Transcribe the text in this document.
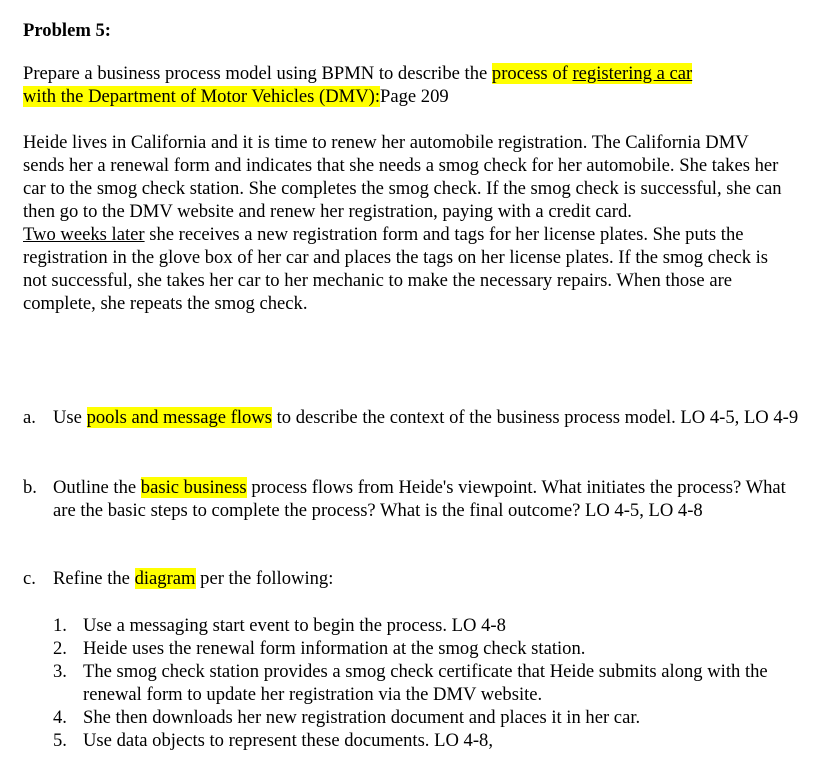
Problem 5:
Prepare a business process model using BPMN to describe the process of registering a car
with the Department of Motor Vehicles (DMV):Page 209
Heide lives in California and it is time to renew her automobile registration. The California DMV sends her a renewal form and indicates that she needs a smog check for her automobile. She takes her car to the smog check station. She completes the smog check. If the smog check is successful, she can then go to the DMV website and renew her registration, paying with a credit card.
Two weeks later she receives a new registration form and tags for her license plates. She puts the registration in the glove box of her car and places the tags on her license plates. If the smog check is not successful, she takes her car to her mechanic to make the necessary repairs. When those are complete, she repeats the smog check.
a. Use pools and message flows to describe the context of the business process model. LO 4-5, LO 4-9
b. Outline the basic business process flows from Heide's viewpoint. What initiates the process? What are the basic steps to complete the process? What is the final outcome? LO 4-5, LO 4-8
c. Refine the diagram per the following:
1. Use a messaging start event to begin the process. LO 4-8
2. Heide uses the renewal form information at the smog check station.
3. The smog check station provides a smog check certificate that Heide submits along with the renewal form to update her registration via the DMV website.
4. She then downloads her new registration document and places it in her car.
5. Use data objects to represent these documents. LO 4-8,
